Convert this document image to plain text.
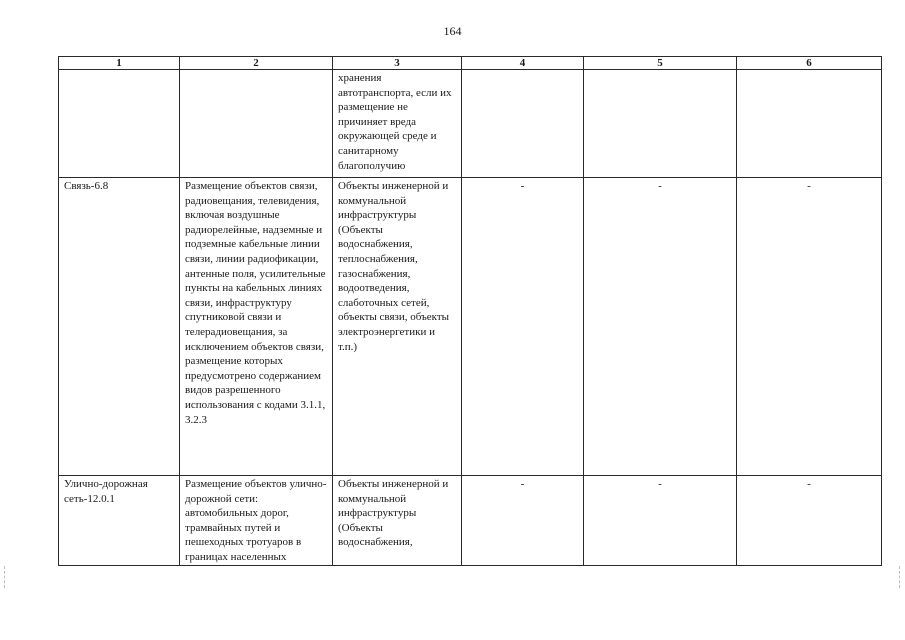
164
1	2	3	4	5	6
		хранения автотранспорта, если их размещение не причиняет вреда окружающей среде и санитарному благополучию			
Связь-6.8	Размещение объектов связи, радиовещания, телевидения, включая воздушные радиорелейные, надземные и подземные кабельные линии связи, линии радиофикации, антенные поля, усилительные пункты на кабельных линиях связи, инфраструктуру спутниковой связи и телерадиовещания, за исключением объектов связи, размещение которых предусмотрено содержанием видов разрешенного использования с кодами 3.1.1, 3.2.3	Объекты инженерной и коммунальной инфраструктуры (Объекты водоснабжения, теплоснабжения, газоснабжения, водоотведения, слаботочных сетей, объекты связи, объекты электроэнергетики и т.п.)	-	-	-
Улично-дорожная сеть-12.0.1	Размещение объектов улично-дорожной сети: автомобильных дорог, трамвайных путей и пешеходных тротуаров в границах населенных	Объекты инженерной и коммунальной инфраструктуры (Объекты водоснабжения,	-	-	-
